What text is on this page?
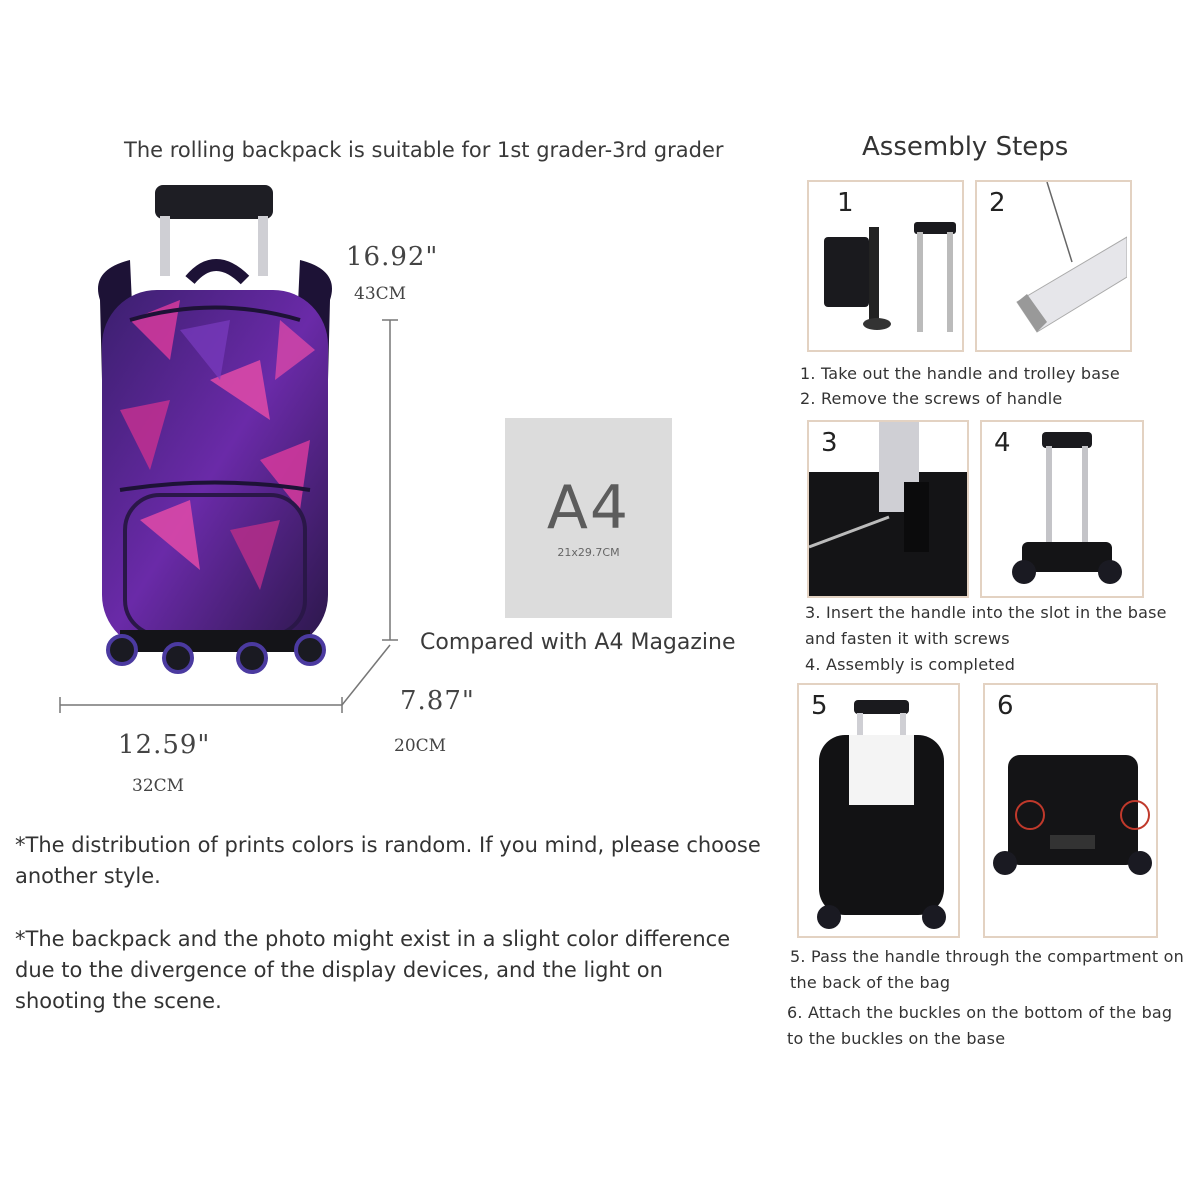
The rolling backpack is suitable for 1st grader-3rd grader
16.92"
43CM
7.87"
20CM
12.59"
32CM
A4
21x29.7CM
Compared with A4 Magazine
*The distribution of prints colors is random. If you mind, please choose another style.
*The backpack and the photo might exist in a slight color difference due to the divergence of the display devices, and the light on shooting the scene.
Assembly Steps
1	2
1. Take out the handle and trolley base
2. Remove the screws of handle
3	4
3. Insert the handle into the slot in the base
and fasten it with screws
4. Assembly is completed
5	6
5. Pass the handle through the compartment on
the back of the bag
6. Attach the buckles on the bottom of the bag
to the buckles on the base
